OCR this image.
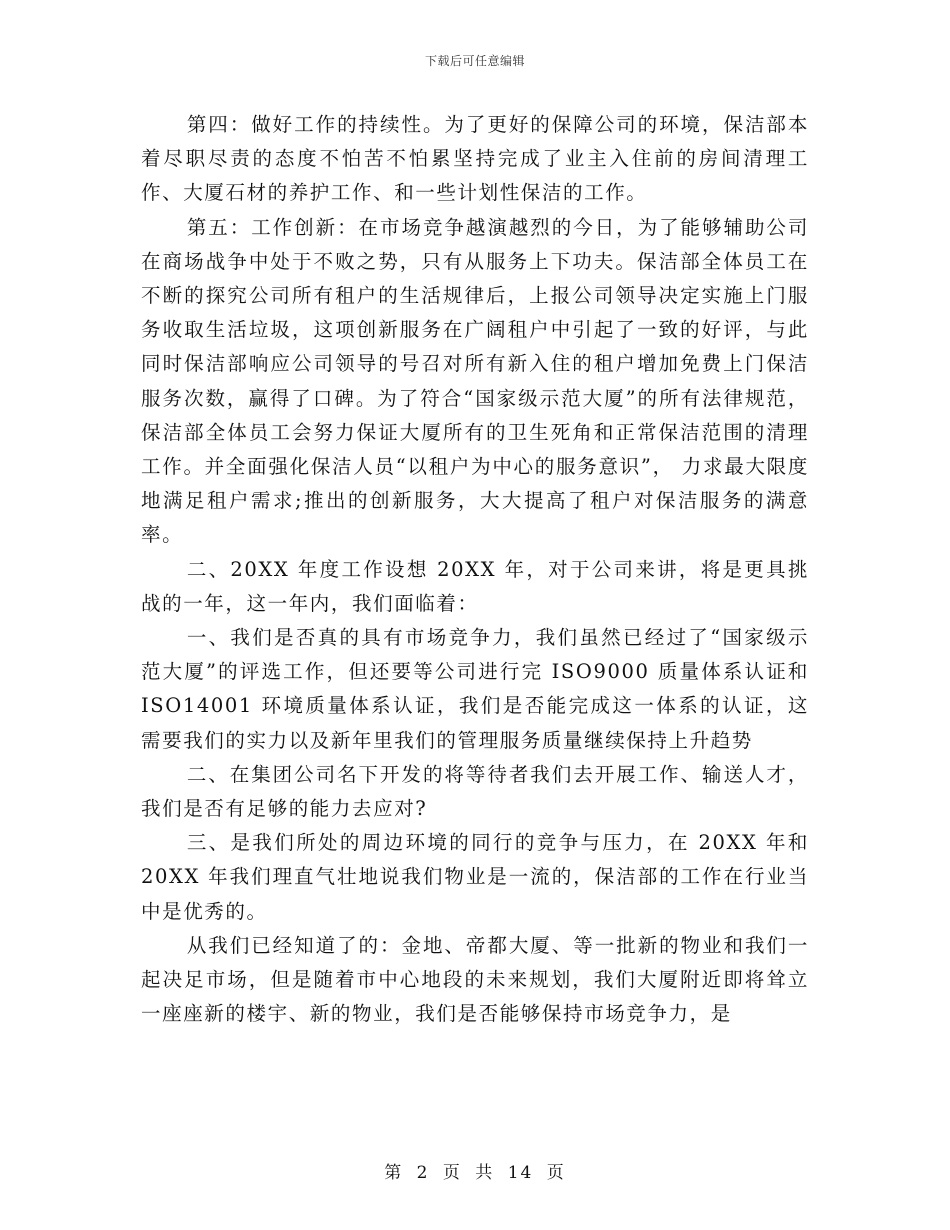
下载后可任意编辑

第四：做好工作的持续性。为了更好的保障公司的环境，保洁部本着尽职尽责的态度不怕苦不怕累坚持完成了业主入住前的房间清理工作、大厦石材的养护工作、和一些计划性保洁的工作。

第五：工作创新：在市场竞争越演越烈的今日，为了能够辅助公司在商场战争中处于不败之势，只有从服务上下功夫。保洁部全体员工在不断的探究公司所有租户的生活规律后，上报公司领导决定实施上门服务收取生活垃圾，这项创新服务在广阔租户中引起了一致的好评，与此同时保洁部响应公司领导的号召对所有新入住的租户增加免费上门保洁服务次数，赢得了口碑。为了符合“国家级示范大厦”的所有法律规范，保洁部全体员工会努力保证大厦所有的卫生死角和正常保洁范围的清理工作。并全面强化保洁人员“以租户为中心的服务意识”， 力求最大限度地满足租户需求;推出的创新服务，大大提高了租户对保洁服务的满意率。

二、20XX 年度工作设想 20XX 年，对于公司来讲，将是更具挑战的一年，这一年内，我们面临着：

一、我们是否真的具有市场竞争力，我们虽然已经过了“国家级示范大厦”的评选工作，但还要等公司进行完 ISO9000 质量体系认证和 ISO14001 环境质量体系认证，我们是否能完成这一体系的认证，这需要我们的实力以及新年里我们的管理服务质量继续保持上升趋势

二、在集团公司名下开发的将等待者我们去开展工作、输送人才，我们是否有足够的能力去应对?

三、是我们所处的周边环境的同行的竞争与压力，在 20XX 年和 20XX 年我们理直气壮地说我们物业是一流的，保洁部的工作在行业当中是优秀的。

从我们已经知道了的：金地、帝都大厦、等一批新的物业和我们一起决足市场，但是随着市中心地段的未来规划，我们大厦附近即将耸立一座座新的楼宇、新的物业，我们是否能够保持市场竞争力，是

第 2 页 共 14 页
